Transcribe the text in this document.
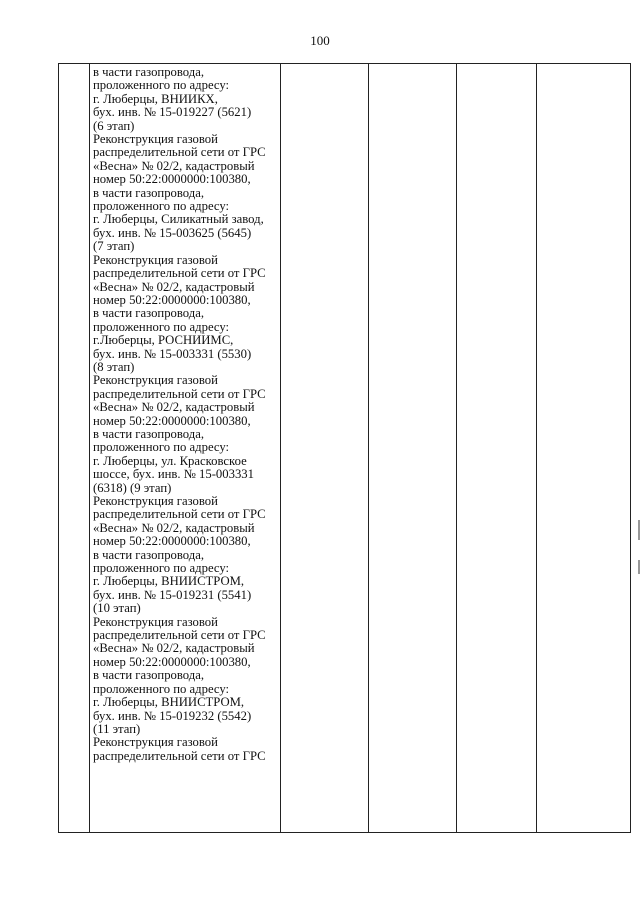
100

в части газопровода,
проложенного по адресу:
г. Люберцы, ВНИИКХ,
бух. инв. № 15-019227 (5621)
(6 этап)
Реконструкция газовой
распределительной сети от ГРС
«Весна» № 02/2, кадастровый
номер 50:22:0000000:100380,
в части газопровода,
проложенного по адресу:
г. Люберцы, Силикатный завод,
бух. инв. № 15-003625 (5645)
(7 этап)
Реконструкция газовой
распределительной сети от ГРС
«Весна» № 02/2, кадастровый
номер 50:22:0000000:100380,
в части газопровода,
проложенного по адресу:
г.Люберцы, РОСНИИМС,
бух. инв. № 15-003331 (5530)
(8 этап)
Реконструкция газовой
распределительной сети от ГРС
«Весна» № 02/2, кадастровый
номер 50:22:0000000:100380,
в части газопровода,
проложенного по адресу:
г. Люберцы, ул. Красковское
шоссе, бух. инв. № 15-003331
(6318) (9 этап)
Реконструкция газовой
распределительной сети от ГРС
«Весна» № 02/2, кадастровый
номер 50:22:0000000:100380,
в части газопровода,
проложенного по адресу:
г. Люберцы, ВНИИСТРОМ,
бух. инв. № 15-019231 (5541)
(10 этап)
Реконструкция газовой
распределительной сети от ГРС
«Весна» № 02/2, кадастровый
номер 50:22:0000000:100380,
в части газопровода,
проложенного по адресу:
г. Люберцы, ВНИИСТРОМ,
бух. инв. № 15-019232 (5542)
(11 этап)
Реконструкция газовой
распределительной сети от ГРС
